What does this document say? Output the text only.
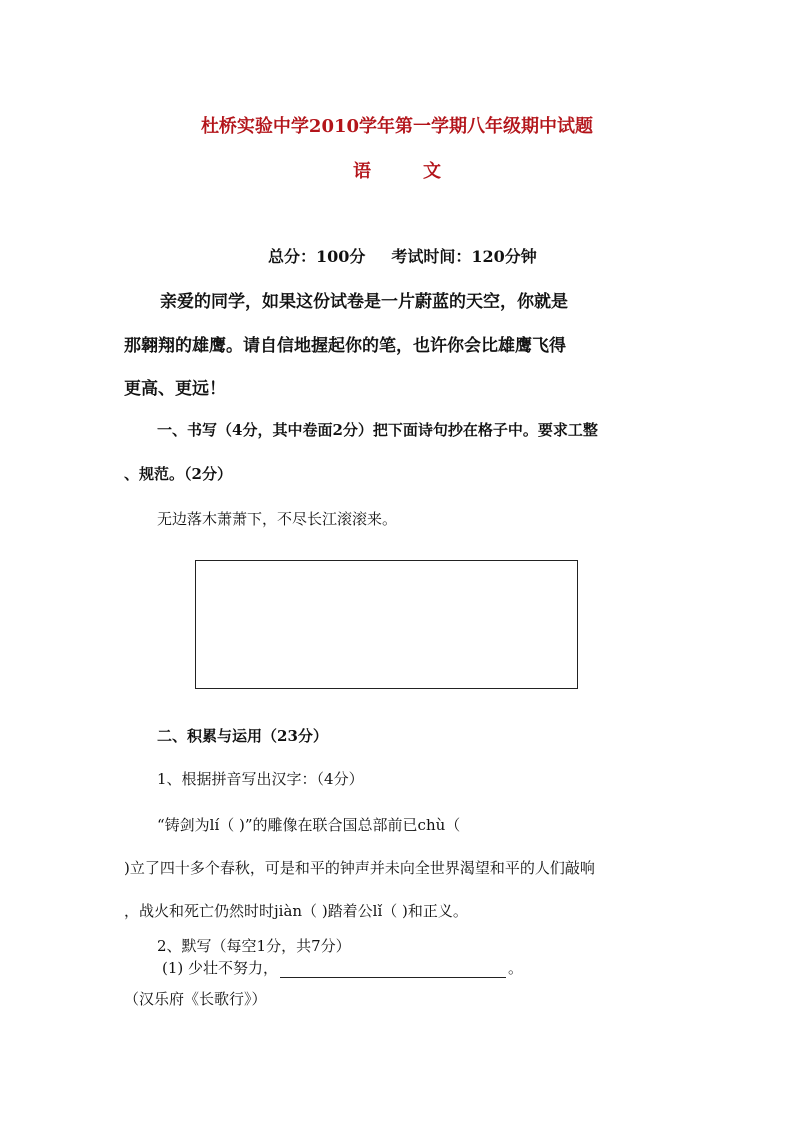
杜桥实验中学2010学年第一学期八年级期中试题
语	文
总分：100分 考试时间：120分钟
亲爱的同学，如果这份试卷是一片蔚蓝的天空，你就是
那翱翔的雄鹰。请自信地握起你的笔，也许你会比雄鹰飞得
更高、更远！
一、书写（4分，其中卷面2分）把下面诗句抄在格子中。要求工整
、规范。（2分）
无边落木萧萧下，不尽长江滚滚来。
二、积累与运用（23分）
1、根据拼音写出汉字：（4分）
“铸剑为lí（ )”的雕像在联合国总部前已chù（
)立了四十多个春秋，可是和平的钟声并未向全世界渴望和平的人们敲响
，战火和死亡仍然时时jiàn（ )踏着公lǐ（ )和正义。
2、默写（每空1分，共7分）
(1) 少壮不努力，	。
（汉乐府《长歌行》）
